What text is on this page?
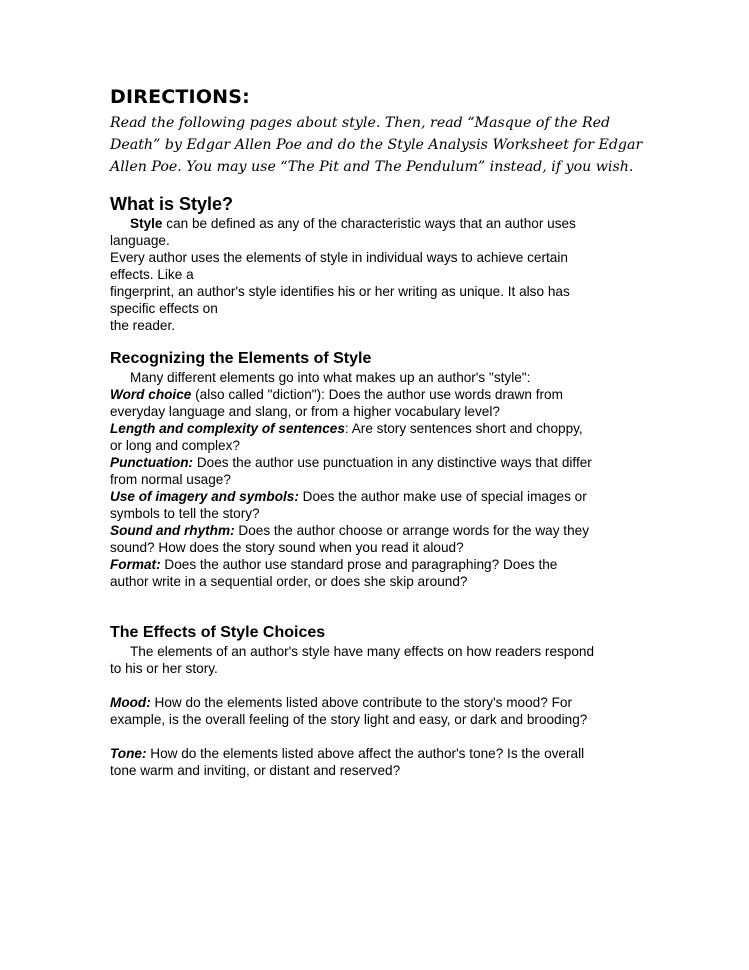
DIRECTIONS:
Read the following pages about style. Then, read “Masque of the Red
Death” by Edgar Allen Poe and do the Style Analysis Worksheet for Edgar
Allen Poe. You may use “The Pit and The Pendulum” instead, if you wish.
What is Style?
Style can be defined as any of the characteristic ways that an author uses
language.
Every author uses the elements of style in individual ways to achieve certain
effects. Like a
fingerprint, an author's style identifies his or her writing as unique. It also has
specific effects on
the reader.
Recognizing the Elements of Style
Many different elements go into what makes up an author's "style":
Word choice (also called "diction"): Does the author use words drawn from
everyday language and slang, or from a higher vocabulary level?
Length and complexity of sentences: Are story sentences short and choppy,
or long and complex?
Punctuation: Does the author use punctuation in any distinctive ways that differ
from normal usage?
Use of imagery and symbols: Does the author make use of special images or
symbols to tell the story?
Sound and rhythm: Does the author choose or arrange words for the way they
sound? How does the story sound when you read it aloud?
Format: Does the author use standard prose and paragraphing? Does the
author write in a sequential order, or does she skip around?
The Effects of Style Choices
The elements of an author's style have many effects on how readers respond
to his or her story.
Mood: How do the elements listed above contribute to the story's mood? For
example, is the overall feeling of the story light and easy, or dark and brooding?
Tone: How do the elements listed above affect the author's tone? Is the overall
tone warm and inviting, or distant and reserved?
